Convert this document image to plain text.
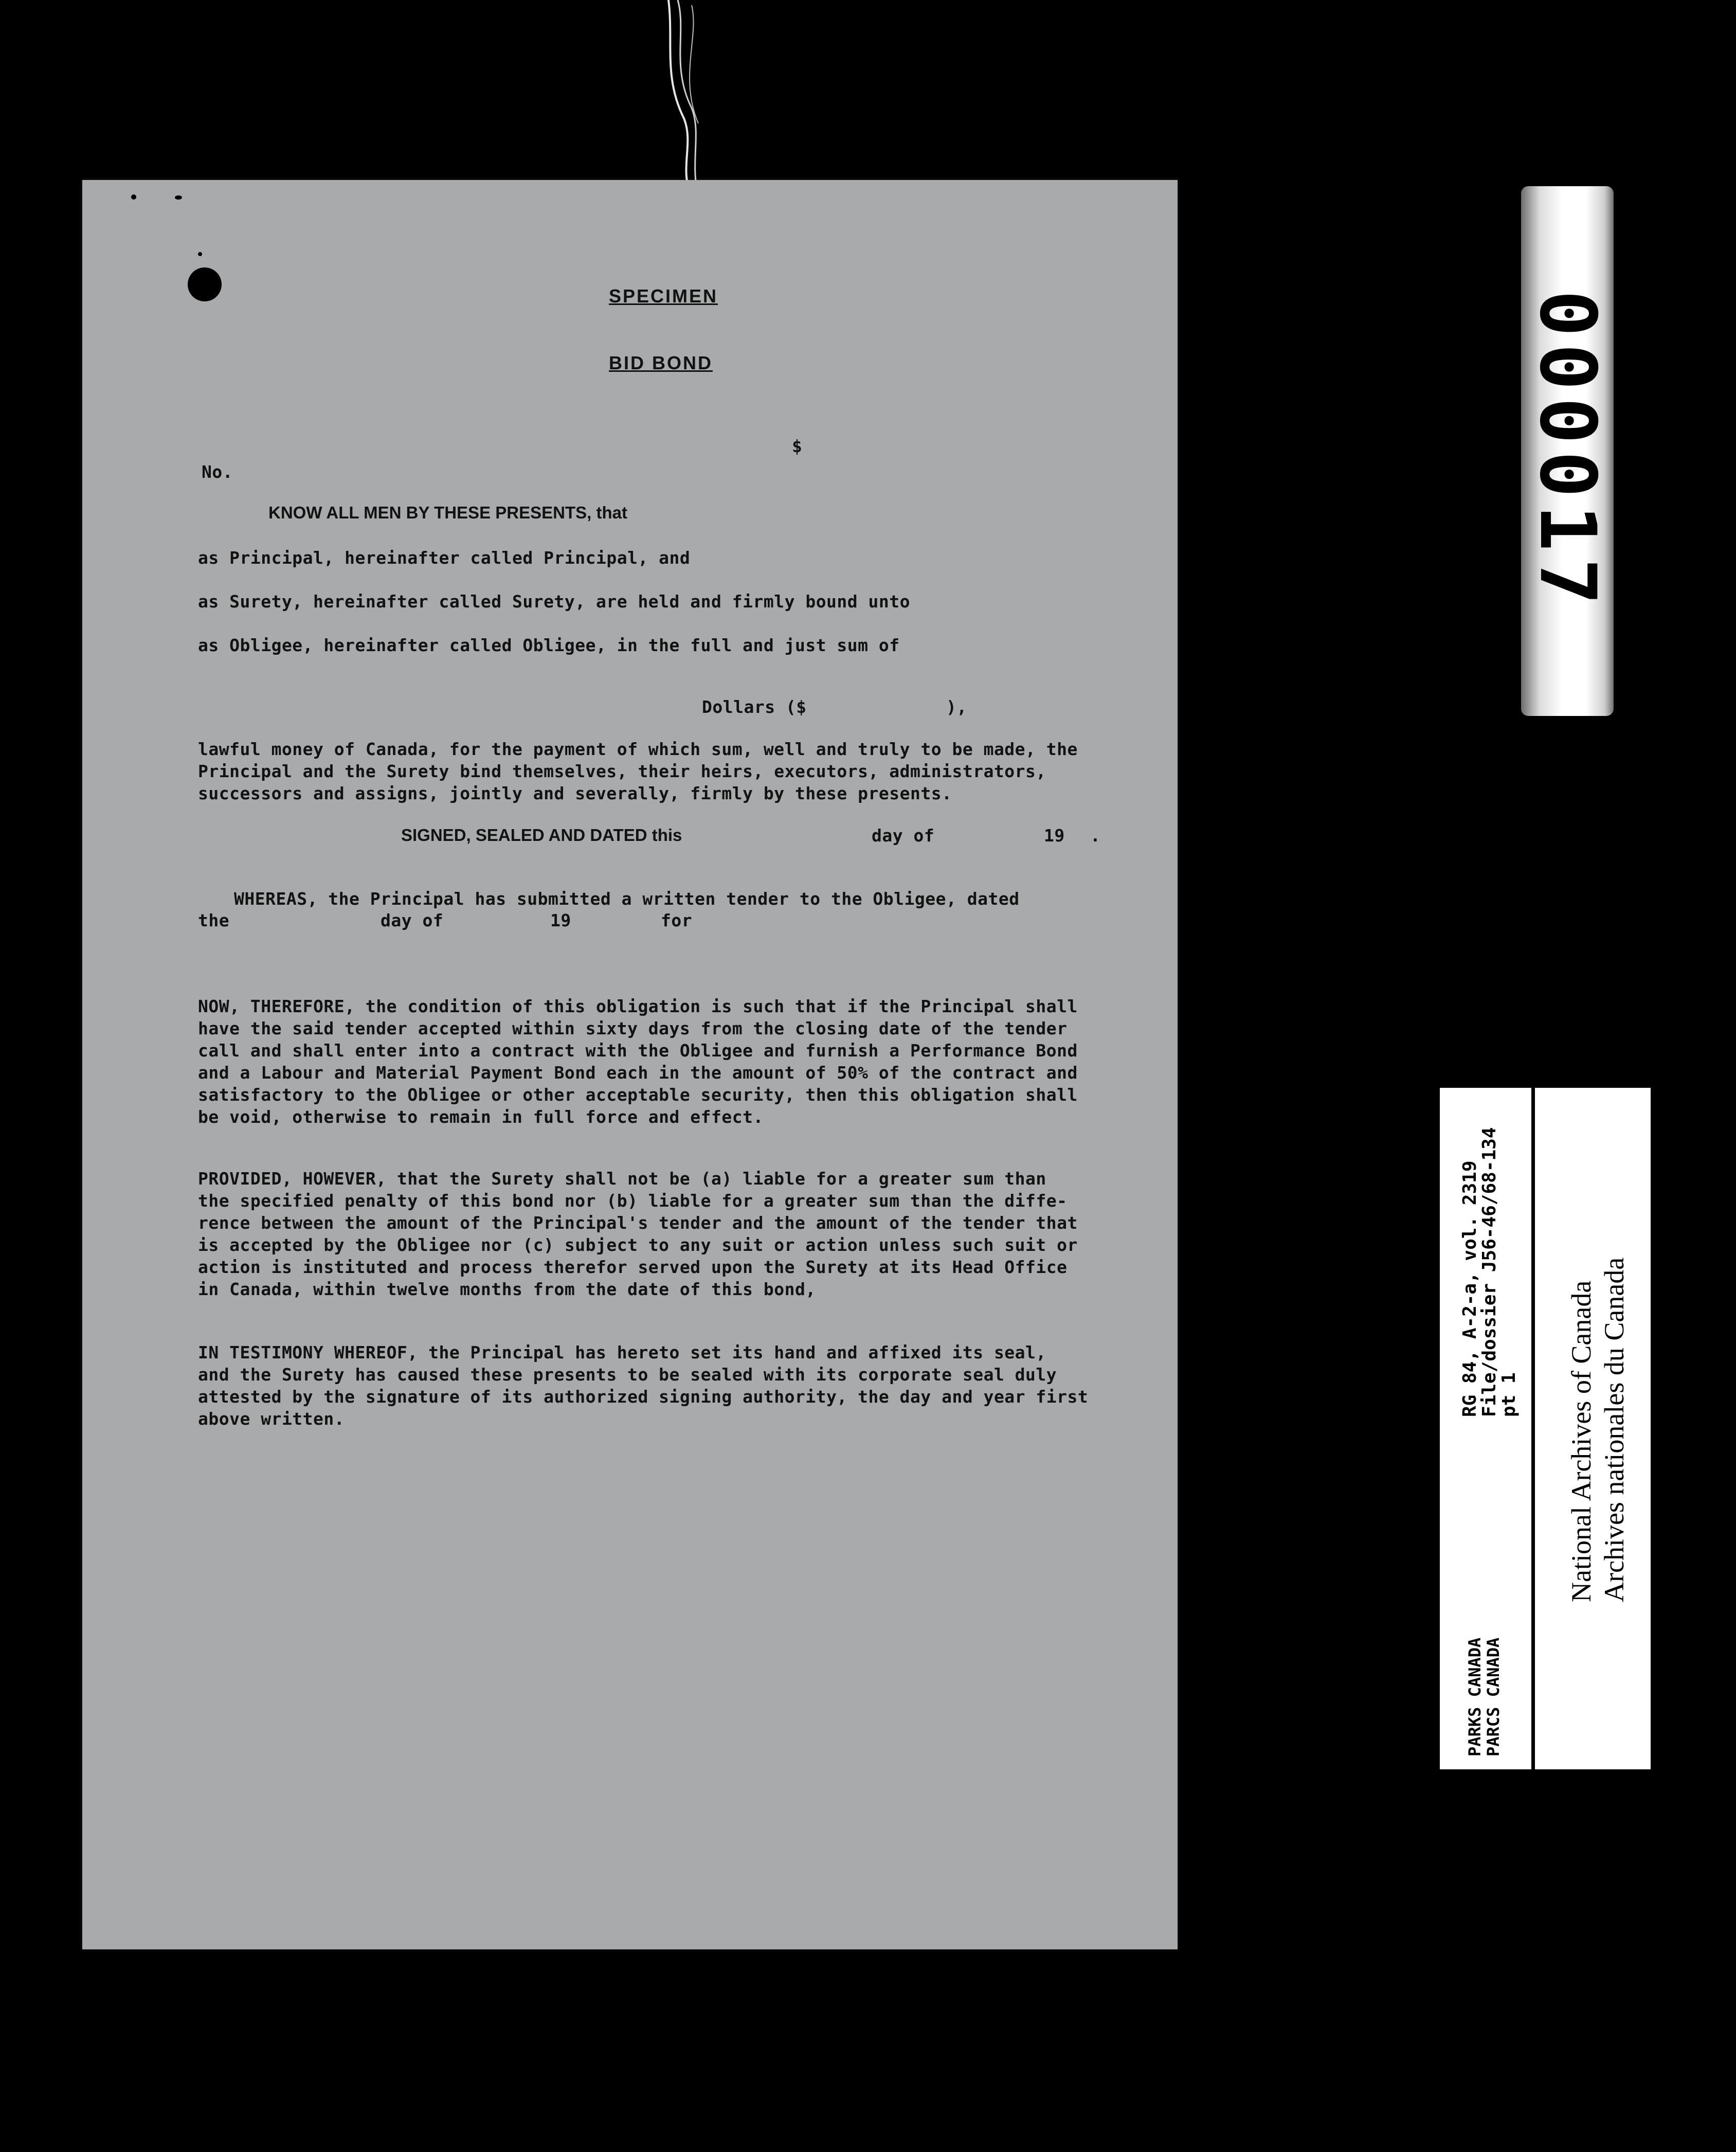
SPECIMEN
BID BOND
$
No.
KNOW ALL MEN BY THESE PRESENTS, that
as Principal, hereinafter called Principal, and
as Surety, hereinafter called Surety, are held and firmly bound unto
as Obligee, hereinafter called Obligee, in the full and just sum of
Dollars ($	),
lawful money of Canada, for the payment of which sum, well and truly to be made, the
Principal and the Surety bind themselves, their heirs, executors, administrators,
successors and assigns, jointly and severally, firmly by these presents.
SIGNED, SEALED AND DATED this	day of	19 .
WHEREAS, the Principal has submitted a written tender to the Obligee, dated
the	day of	19	for
NOW, THEREFORE, the condition of this obligation is such that if the Principal shall
have the said tender accepted within sixty days from the closing date of the tender
call and shall enter into a contract with the Obligee and furnish a Performance Bond
and a Labour and Material Payment Bond each in the amount of 50% of the contract and
satisfactory to the Obligee or other acceptable security, then this obligation shall
be void, otherwise to remain in full force and effect.
PROVIDED, HOWEVER, that the Surety shall not be (a) liable for a greater sum than
the specified penalty of this bond nor (b) liable for a greater sum than the diffe-
rence between the amount of the Principal's tender and the amount of the tender that
is accepted by the Obligee nor (c) subject to any suit or action unless such suit or
action is instituted and process therefor served upon the Surety at its Head Office
in Canada, within twelve months from the date of this bond,
IN TESTIMONY WHEREOF, the Principal has hereto set its hand and affixed its seal,
and the Surety has caused these presents to be sealed with its corporate seal duly
attested by the signature of its authorized signing authority, the day and year first
above written.
000017
RG 84, A-2-a, vol. 2319
File/dossier J56-46/68-134
pt 1
PARKS CANADA
PARCS CANADA
National Archives of Canada
Archives nationales du Canada
